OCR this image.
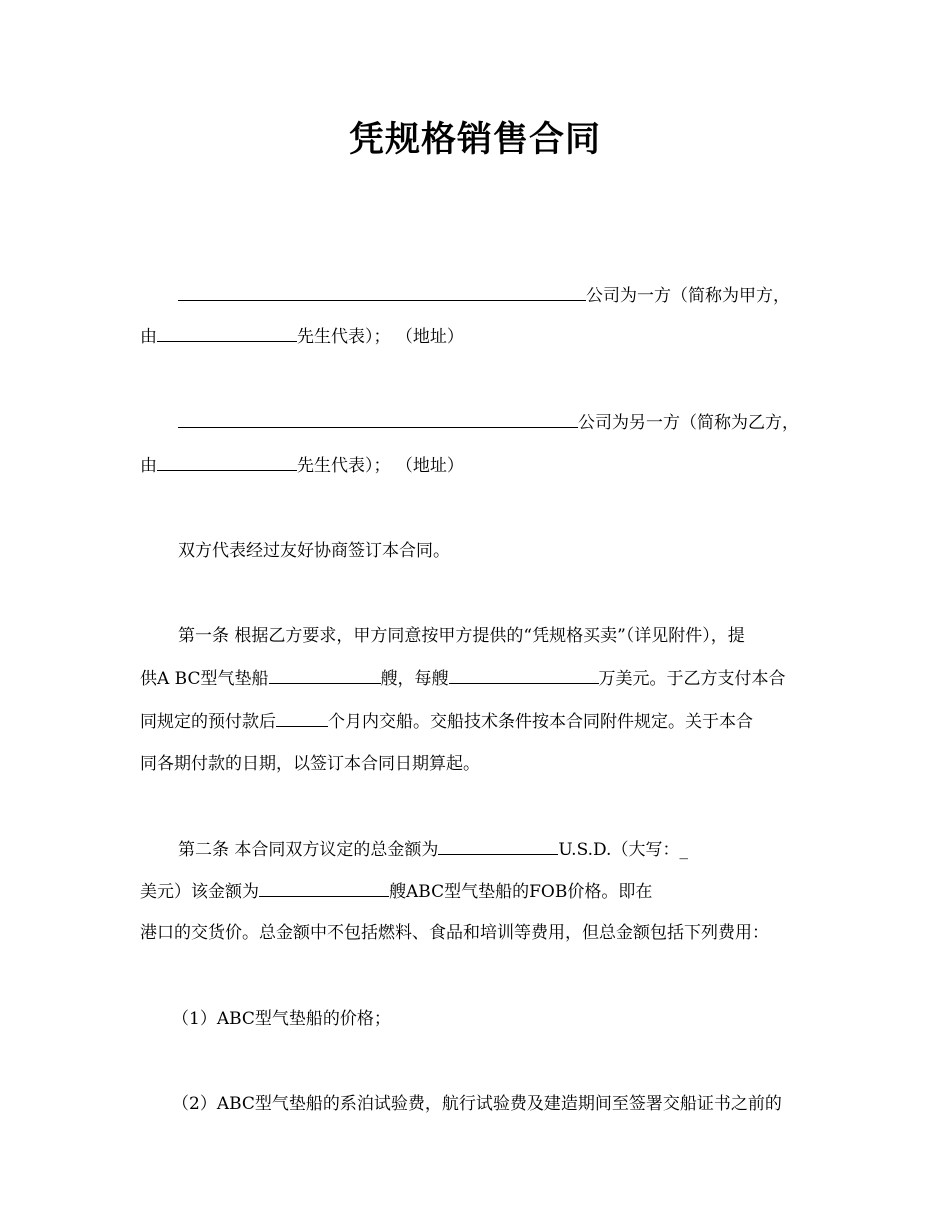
凭规格销售合同
公司为一方（简称为甲方，
由	先生代表）； （地址）
公司为另一方（简称为乙方，
由	先生代表）； （地址）
双方代表经过友好协商签订本合同。
第一条 根据乙方要求，甲方同意按甲方提供的“凭规格买卖”（详见附件），提
供A BC型气垫船	艘，每艘	万美元。于乙方支付本合
同规定的预付款后	个月内交船。交船技术条件按本合同附件规定。关于本合
同各期付款的日期，以签订本合同日期算起。
第二条 本合同双方议定的总金额为	U.S.D.（大写：_
美元）该金额为	艘ABC型气垫船的FOB价格。即在
港口的交货价。总金额中不包括燃料、食品和培训等费用，但总金额包括下列费用：
（1）ABC型气垫船的价格；
（2）ABC型气垫船的系泊试验费，航行试验费及建造期间至签署交船证书之前的
